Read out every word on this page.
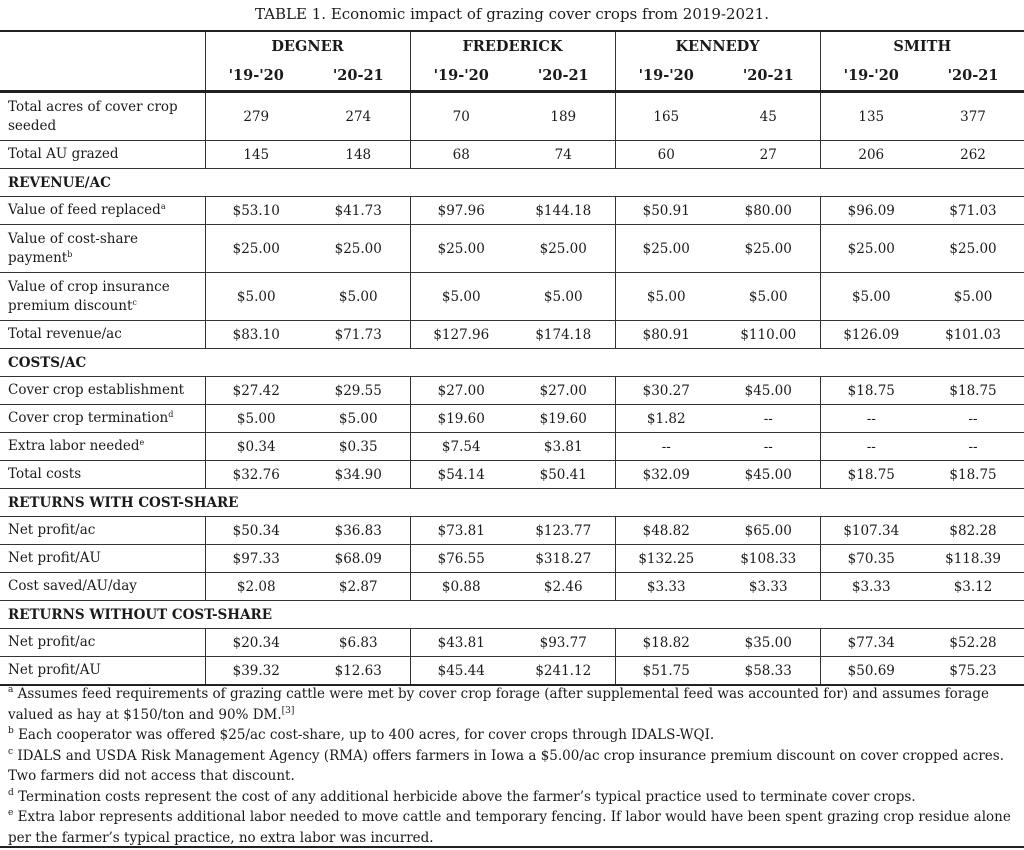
TABLE 1. Economic impact of grazing cover crops from 2019-2021.
	DEGNER		FREDERICK		KENNEDY		SMITH	
	'19-'20	'20-21	'19-'20	'20-21	'19-'20	'20-21	'19-'20	'20-21
Total acres of cover crop seeded	279	274	70	189	165	45	135	377
Total AU grazed	145	148	68	74	60	27	206	262
REVENUE/AC								
Value of feed replaced$^a$	$53.10	$41.73	$97.96	$144.18	$50.91	$80.00	$96.09	$71.03
Value of cost-share payment$^b$	$25.00	$25.00	$25.00	$25.00	$25.00	$25.00	$25.00	$25.00
Value of crop insurance premium discount$^c$	$5.00	$5.00	$5.00	$5.00	$5.00	$5.00	$5.00	$5.00
Total revenue/ac	$83.10	$71.73	$127.96	$174.18	$80.91	$110.00	$126.09	$101.03
COSTS/AC								
Cover crop establishment	$27.42	$29.55	$27.00	$27.00	$30.27	$45.00	$18.75	$18.75
Cover crop termination$^d$	$5.00	$5.00	$19.60	$19.60	$1.82	--	--	--
Extra labor needed$^e$	$0.34	$0.35	$7.54	$3.81	--	--	--	--
Total costs	$32.76	$34.90	$54.14	$50.41	$32.09	$45.00	$18.75	$18.75
RETURNS WITH COST-SHARE								
Net profit/ac	$50.34	$36.83	$73.81	$123.77	$48.82	$65.00	$107.34	$82.28
Net profit/AU	$97.33	$68.09	$76.55	$318.27	$132.25	$108.33	$70.35	$118.39
Cost saved/AU/day	$2.08	$2.87	$0.88	$2.46	$3.33	$3.33	$3.33	$3.12
RETURNS WITHOUT COST-SHARE								
Net profit/ac	$20.34	$6.83	$43.81	$93.77	$18.82	$35.00	$77.34	$52.28
Net profit/AU	$39.32	$12.63	$45.44	$241.12	$51.75	$58.33	$50.69	$75.23

$^a$ Assumes feed requirements of grazing cattle were met by cover crop forage (after supplemental feed was accounted for) and assumes forage valued as hay at $150/ton and 90% DM.[3]

$^b$ Each cooperator was offered $25/ac cost-share, up to 400 acres, for cover crops through IDALS-WQI.

$^c$ IDALS and USDA Risk Management Agency (RMA) offers farmers in Iowa a $5.00/ac crop insurance premium discount on cover cropped acres. Two farmers did not access that discount.

$^d$ Termination costs represent the cost of any additional herbicide above the farmer’s typical practice used to terminate cover crops.

$^e$ Extra labor represents additional labor needed to move cattle and temporary fencing. If labor would have been spent grazing crop residue alone per the farmer’s typical practice, no extra labor was incurred.
